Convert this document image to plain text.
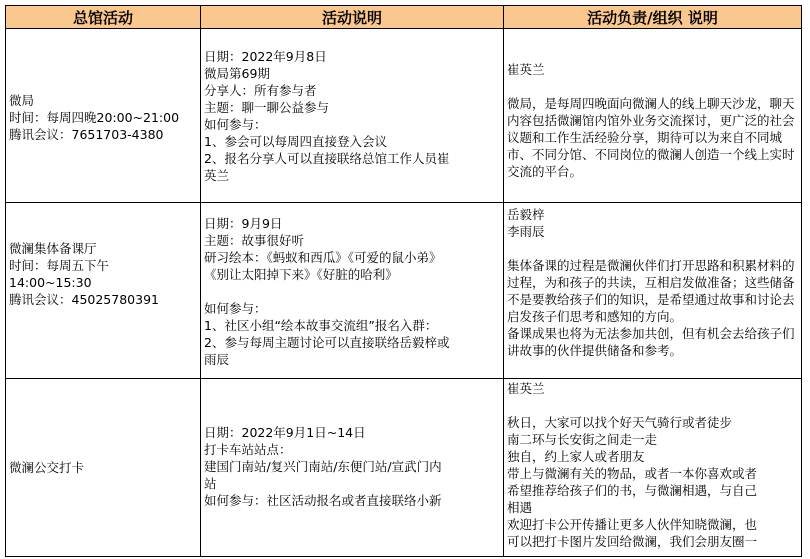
总馆活动	活动说明	活动负责/组织 说明
微局
时间：每周四晚20:00~21:00
腾讯会议：7651703-4380
日期：2022年9月8日
微局第69期
分享人：所有参与者
主题：聊一聊公益参与
如何参与：
1、参会可以每周四直接登入会议
2、报名分享人可以直接联络总馆工作人员崔
英兰
崔英兰
微局，是每周四晚面向微澜人的线上聊天沙龙，聊天内容包括微澜馆内馆外业务交流探讨，更广泛的社会议题和工作生活经验分享，期待可以为来自不同城市、不同分馆、不同岗位的微澜人创造一个线上实时交流的平台。
微澜集体备课厅
时间：每周五下午
14:00~15:30
腾讯会议：45025780391
日期：9月9日
主题：故事很好听
研习绘本：《蚂蚁和西瓜》《可爱的鼠小弟》
《别让太阳掉下来》《好脏的哈利》
如何参与：
1、社区小组“绘本故事交流组”报名入群：
2、参与每周主题讨论可以直接联络岳毅梓或
雨辰
岳毅梓
李雨辰
集体备课的过程是微澜伙伴们打开思路和积累材料的过程，为和孩子的共读，互相启发做准备；这些储备不是要教给孩子们的知识，是希望通过故事和讨论去启发孩子们思考和感知的方向。
备课成果也将为无法参加共创，但有机会去给孩子们讲故事的伙伴提供储备和参考。
微澜公交打卡
日期：2022年9月1日~14日
打卡车站站点：
建国门南站/复兴门南站/东便门站/宣武门内
站
如何参与：社区活动报名或者直接联络小新
崔英兰
秋日，大家可以找个好天气骑行或者徒步
南二环与长安街之间走一走
独自，约上家人或者朋友
带上与微澜有关的物品，或者一本你喜欢或者
希望推荐给孩子们的书，与微澜相遇，与自己
相遇
欢迎打卡公开传播让更多人伙伴知晓微澜，也
可以把打卡图片发回给微澜，我们会朋友圈一
